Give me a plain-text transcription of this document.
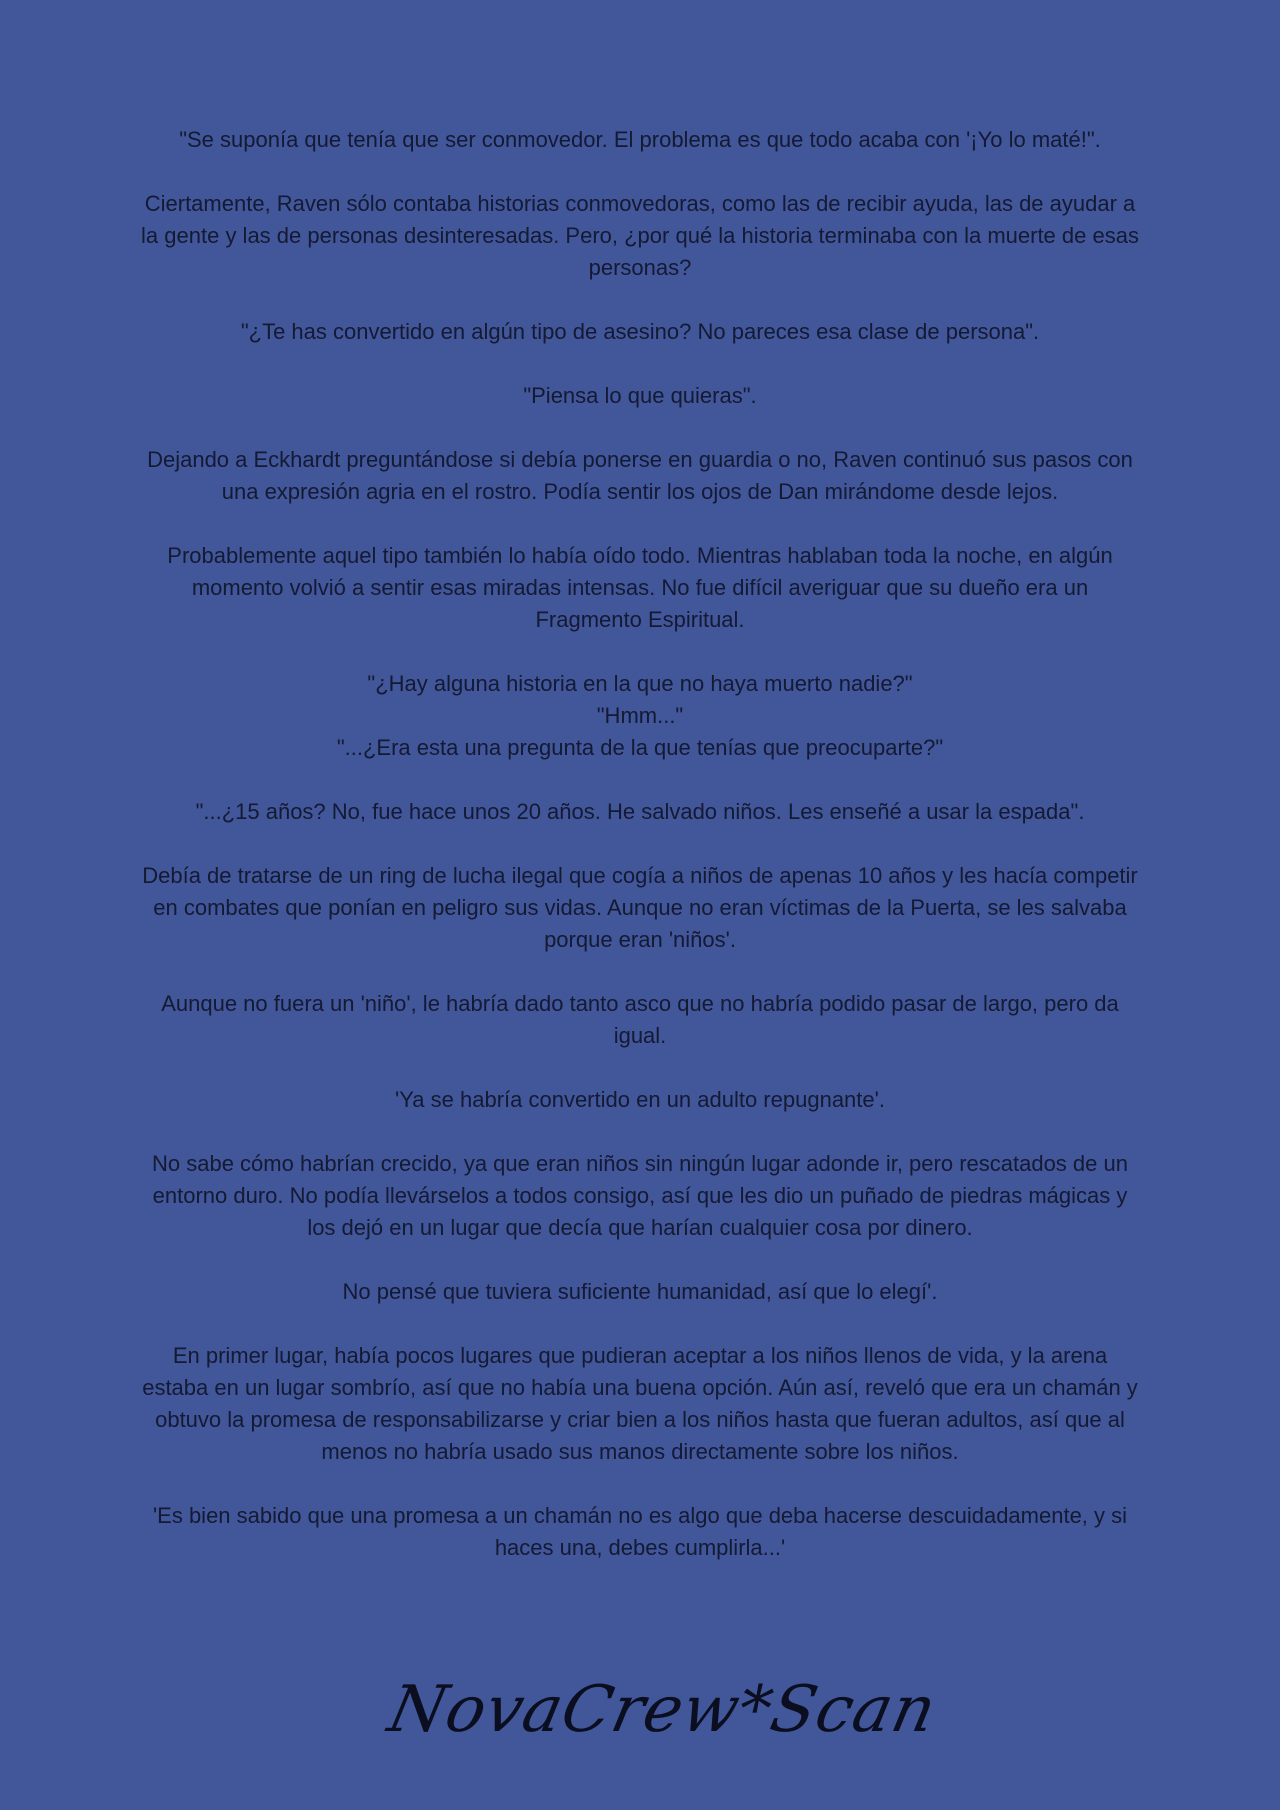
"Se suponía que tenía que ser conmovedor. El problema es que todo acaba con '¡Yo lo maté!".

Ciertamente, Raven sólo contaba historias conmovedoras, como las de recibir ayuda, las de ayudar a la gente y las de personas desinteresadas. Pero, ¿por qué la historia terminaba con la muerte de esas personas?

"¿Te has convertido en algún tipo de asesino? No pareces esa clase de persona".

"Piensa lo que quieras".

Dejando a Eckhardt preguntándose si debía ponerse en guardia o no, Raven continuó sus pasos con una expresión agria en el rostro. Podía sentir los ojos de Dan mirándome desde lejos.

Probablemente aquel tipo también lo había oído todo. Mientras hablaban toda la noche, en algún momento volvió a sentir esas miradas intensas. No fue difícil averiguar que su dueño era un Fragmento Espiritual.

"¿Hay alguna historia en la que no haya muerto nadie?"

"Hmm..."

"...¿Era esta una pregunta de la que tenías que preocuparte?"

"...¿15 años? No, fue hace unos 20 años. He salvado niños. Les enseñé a usar la espada".

Debía de tratarse de un ring de lucha ilegal que cogía a niños de apenas 10 años y les hacía competir en combates que ponían en peligro sus vidas. Aunque no eran víctimas de la Puerta, se les salvaba porque eran 'niños'.

Aunque no fuera un 'niño', le habría dado tanto asco que no habría podido pasar de largo, pero da igual.

'Ya se habría convertido en un adulto repugnante'.

No sabe cómo habrían crecido, ya que eran niños sin ningún lugar adonde ir, pero rescatados de un entorno duro. No podía llevárselos a todos consigo, así que les dio un puñado de piedras mágicas y los dejó en un lugar que decía que harían cualquier cosa por dinero.

No pensé que tuviera suficiente humanidad, así que lo elegí'.

En primer lugar, había pocos lugares que pudieran aceptar a los niños llenos de vida, y la arena estaba en un lugar sombrío, así que no había una buena opción. Aún así, reveló que era un chamán y obtuvo la promesa de responsabilizarse y criar bien a los niños hasta que fueran adultos, así que al menos no habría usado sus manos directamente sobre los niños.

'Es bien sabido que una promesa a un chamán no es algo que deba hacerse descuidadamente, y si haces una, debes cumplirla...'

NovaCrew*Scan
